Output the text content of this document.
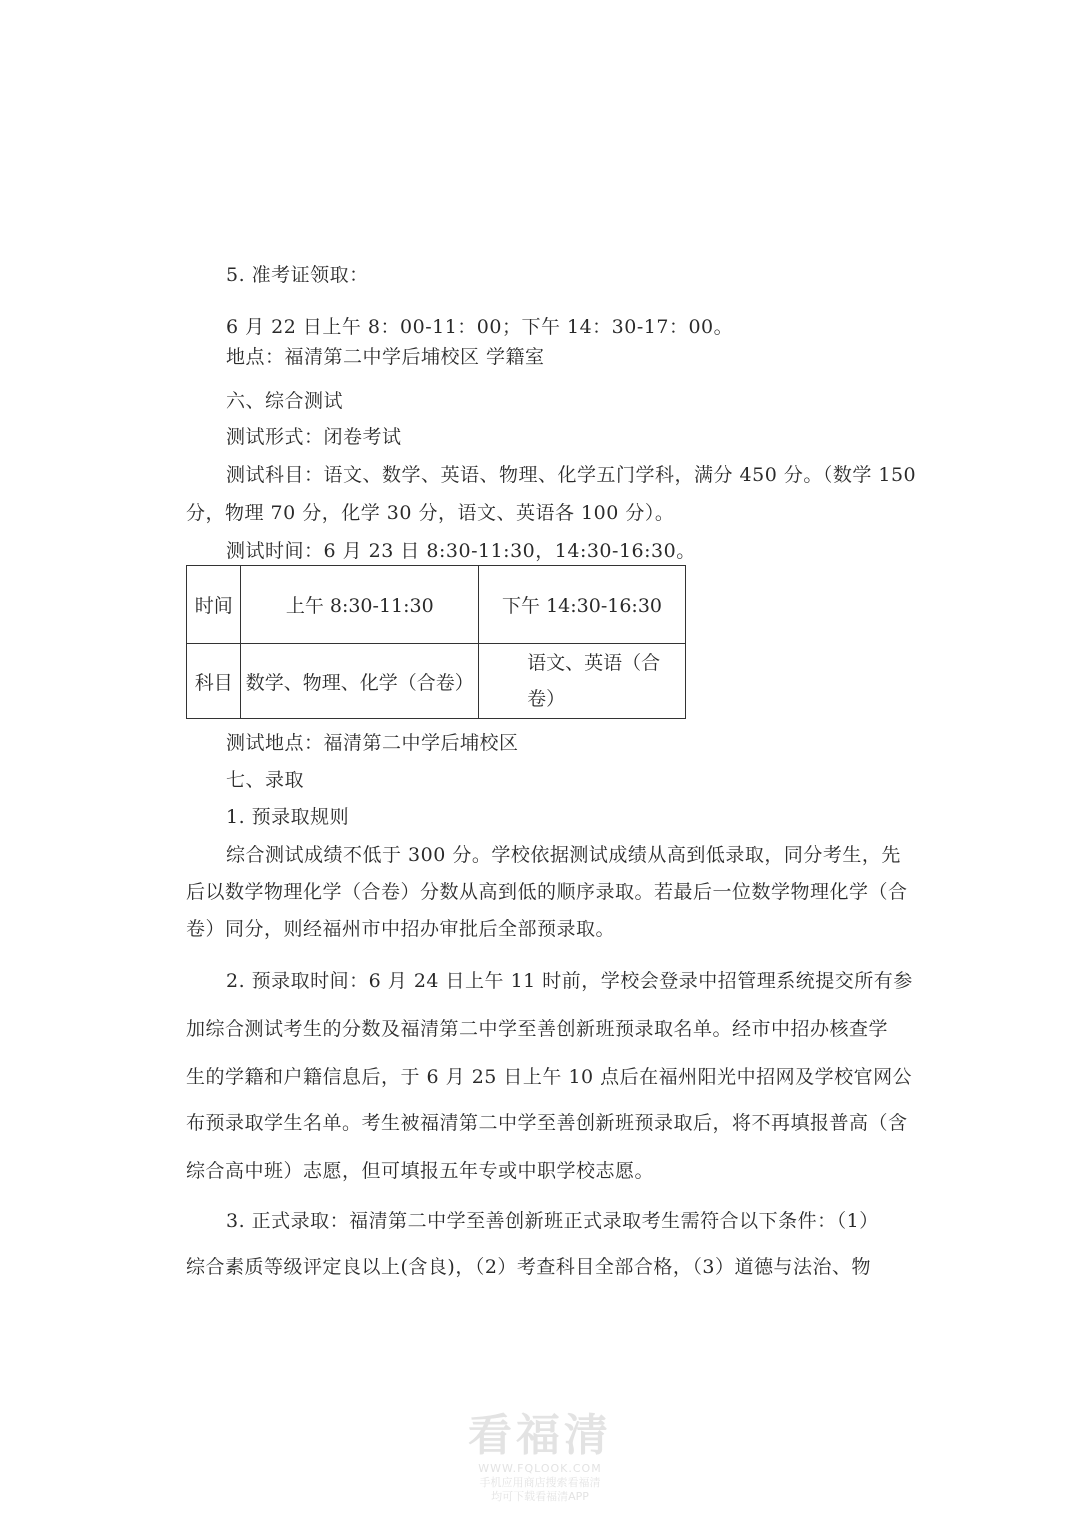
5. 准考证领取：
6 月 22 日上午 8：00-11：00；下午 14：30-17：00。
地点：福清第二中学后埔校区 学籍室
六、综合测试
测试形式：闭卷考试
测试科目：语文、数学、英语、物理、化学五门学科，满分 450 分。（数学 150
分，物理 70 分，化学 30 分，语文、英语各 100 分）。
测试时间：6 月 23 日 8:30-11:30，14:30-16:30。
时间	上午 8:30-11:30	下午 14:30-16:30
科目	数学、物理、化学（合卷）	语文、英语（合卷）
测试地点：福清第二中学后埔校区
七、录取
1. 预录取规则
综合测试成绩不低于 300 分。学校依据测试成绩从高到低录取，同分考生，先
后以数学物理化学（合卷）分数从高到低的顺序录取。若最后一位数学物理化学（合
卷）同分，则经福州市中招办审批后全部预录取。
2. 预录取时间：6 月 24 日上午 11 时前，学校会登录中招管理系统提交所有参
加综合测试考生的分数及福清第二中学至善创新班预录取名单。经市中招办核查学
生的学籍和户籍信息后，于 6 月 25 日上午 10 点后在福州阳光中招网及学校官网公
布预录取学生名单。考生被福清第二中学至善创新班预录取后，将不再填报普高（含
综合高中班）志愿，但可填报五年专或中职学校志愿。
3. 正式录取：福清第二中学至善创新班正式录取考生需符合以下条件：（1）
综合素质等级评定良以上(含良)，（2）考查科目全部合格，（3）道德与法治、物
看福清
WWW.FQLOOK.COM
手机应用商店搜索看福清
均可下载看福清APP
